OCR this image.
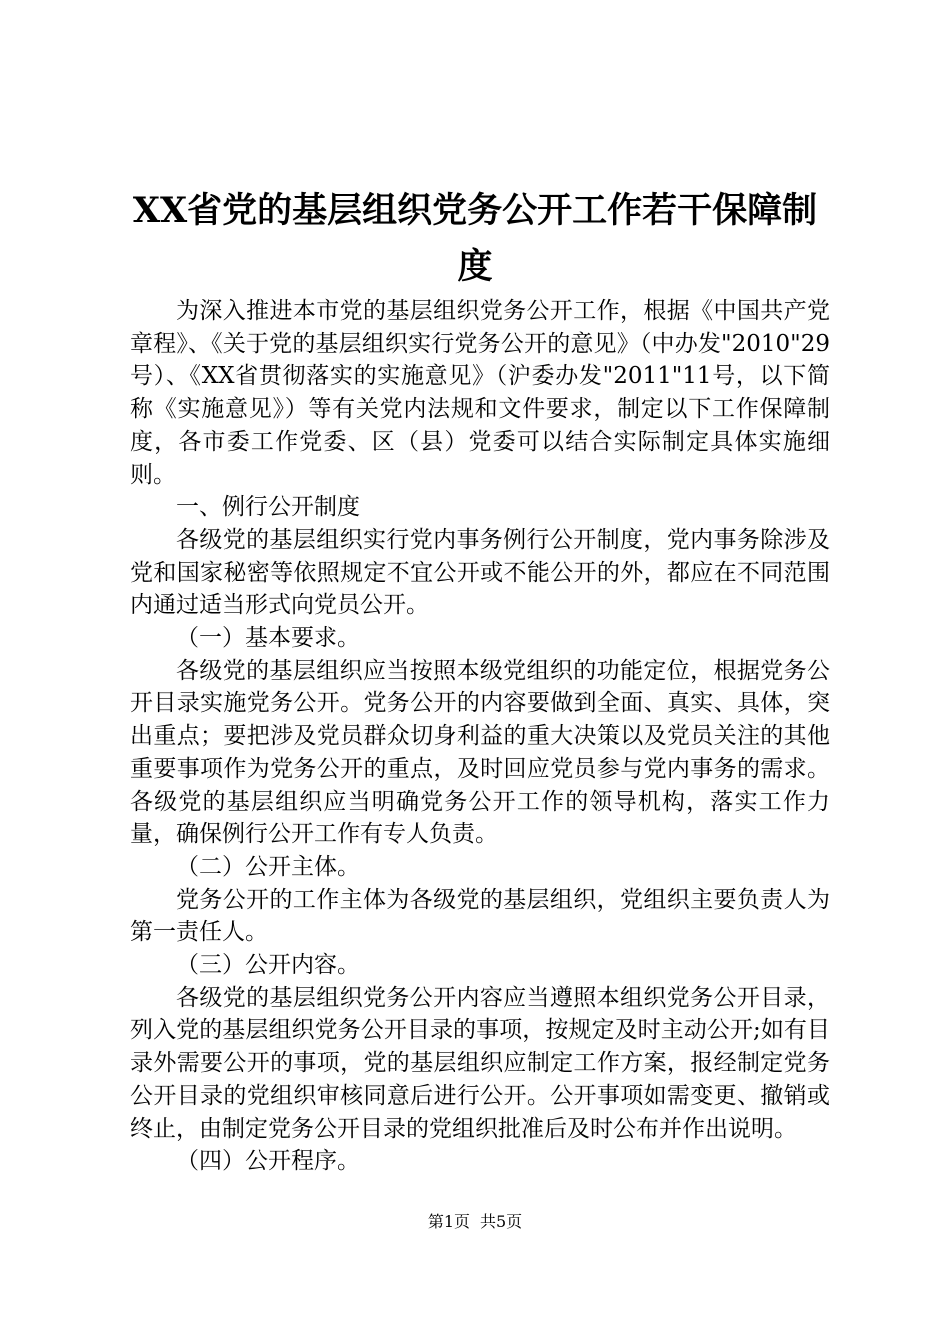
XX省党的基层组织党务公开工作若干保障制度

为深入推进本市党的基层组织党务公开工作，根据《中国共产党章程》、《关于党的基层组织实行党务公开的意见》（中办发"2010"29号）、《XX省贯彻落实的实施意见》（沪委办发"2011"11号，以下简称《实施意见》）等有关党内法规和文件要求，制定以下工作保障制度，各市委工作党委、区（县）党委可以结合实际制定具体实施细则。

一、例行公开制度

各级党的基层组织实行党内事务例行公开制度，党内事务除涉及党和国家秘密等依照规定不宜公开或不能公开的外，都应在不同范围内通过适当形式向党员公开。

（一）基本要求。

各级党的基层组织应当按照本级党组织的功能定位，根据党务公开目录实施党务公开。党务公开的内容要做到全面、真实、具体，突出重点；要把涉及党员群众切身利益的重大决策以及党员关注的其他重要事项作为党务公开的重点，及时回应党员参与党内事务的需求。各级党的基层组织应当明确党务公开工作的领导机构，落实工作力量，确保例行公开工作有专人负责。

（二）公开主体。

党务公开的工作主体为各级党的基层组织，党组织主要负责人为第一责任人。

（三）公开内容。

各级党的基层组织党务公开内容应当遵照本组织党务公开目录，列入党的基层组织党务公开目录的事项，按规定及时主动公开;如有目录外需要公开的事项，党的基层组织应制定工作方案，报经制定党务公开目录的党组织审核同意后进行公开。公开事项如需变更、撤销或终止，由制定党务公开目录的党组织批准后及时公布并作出说明。

（四）公开程序。

第1页 共5页
